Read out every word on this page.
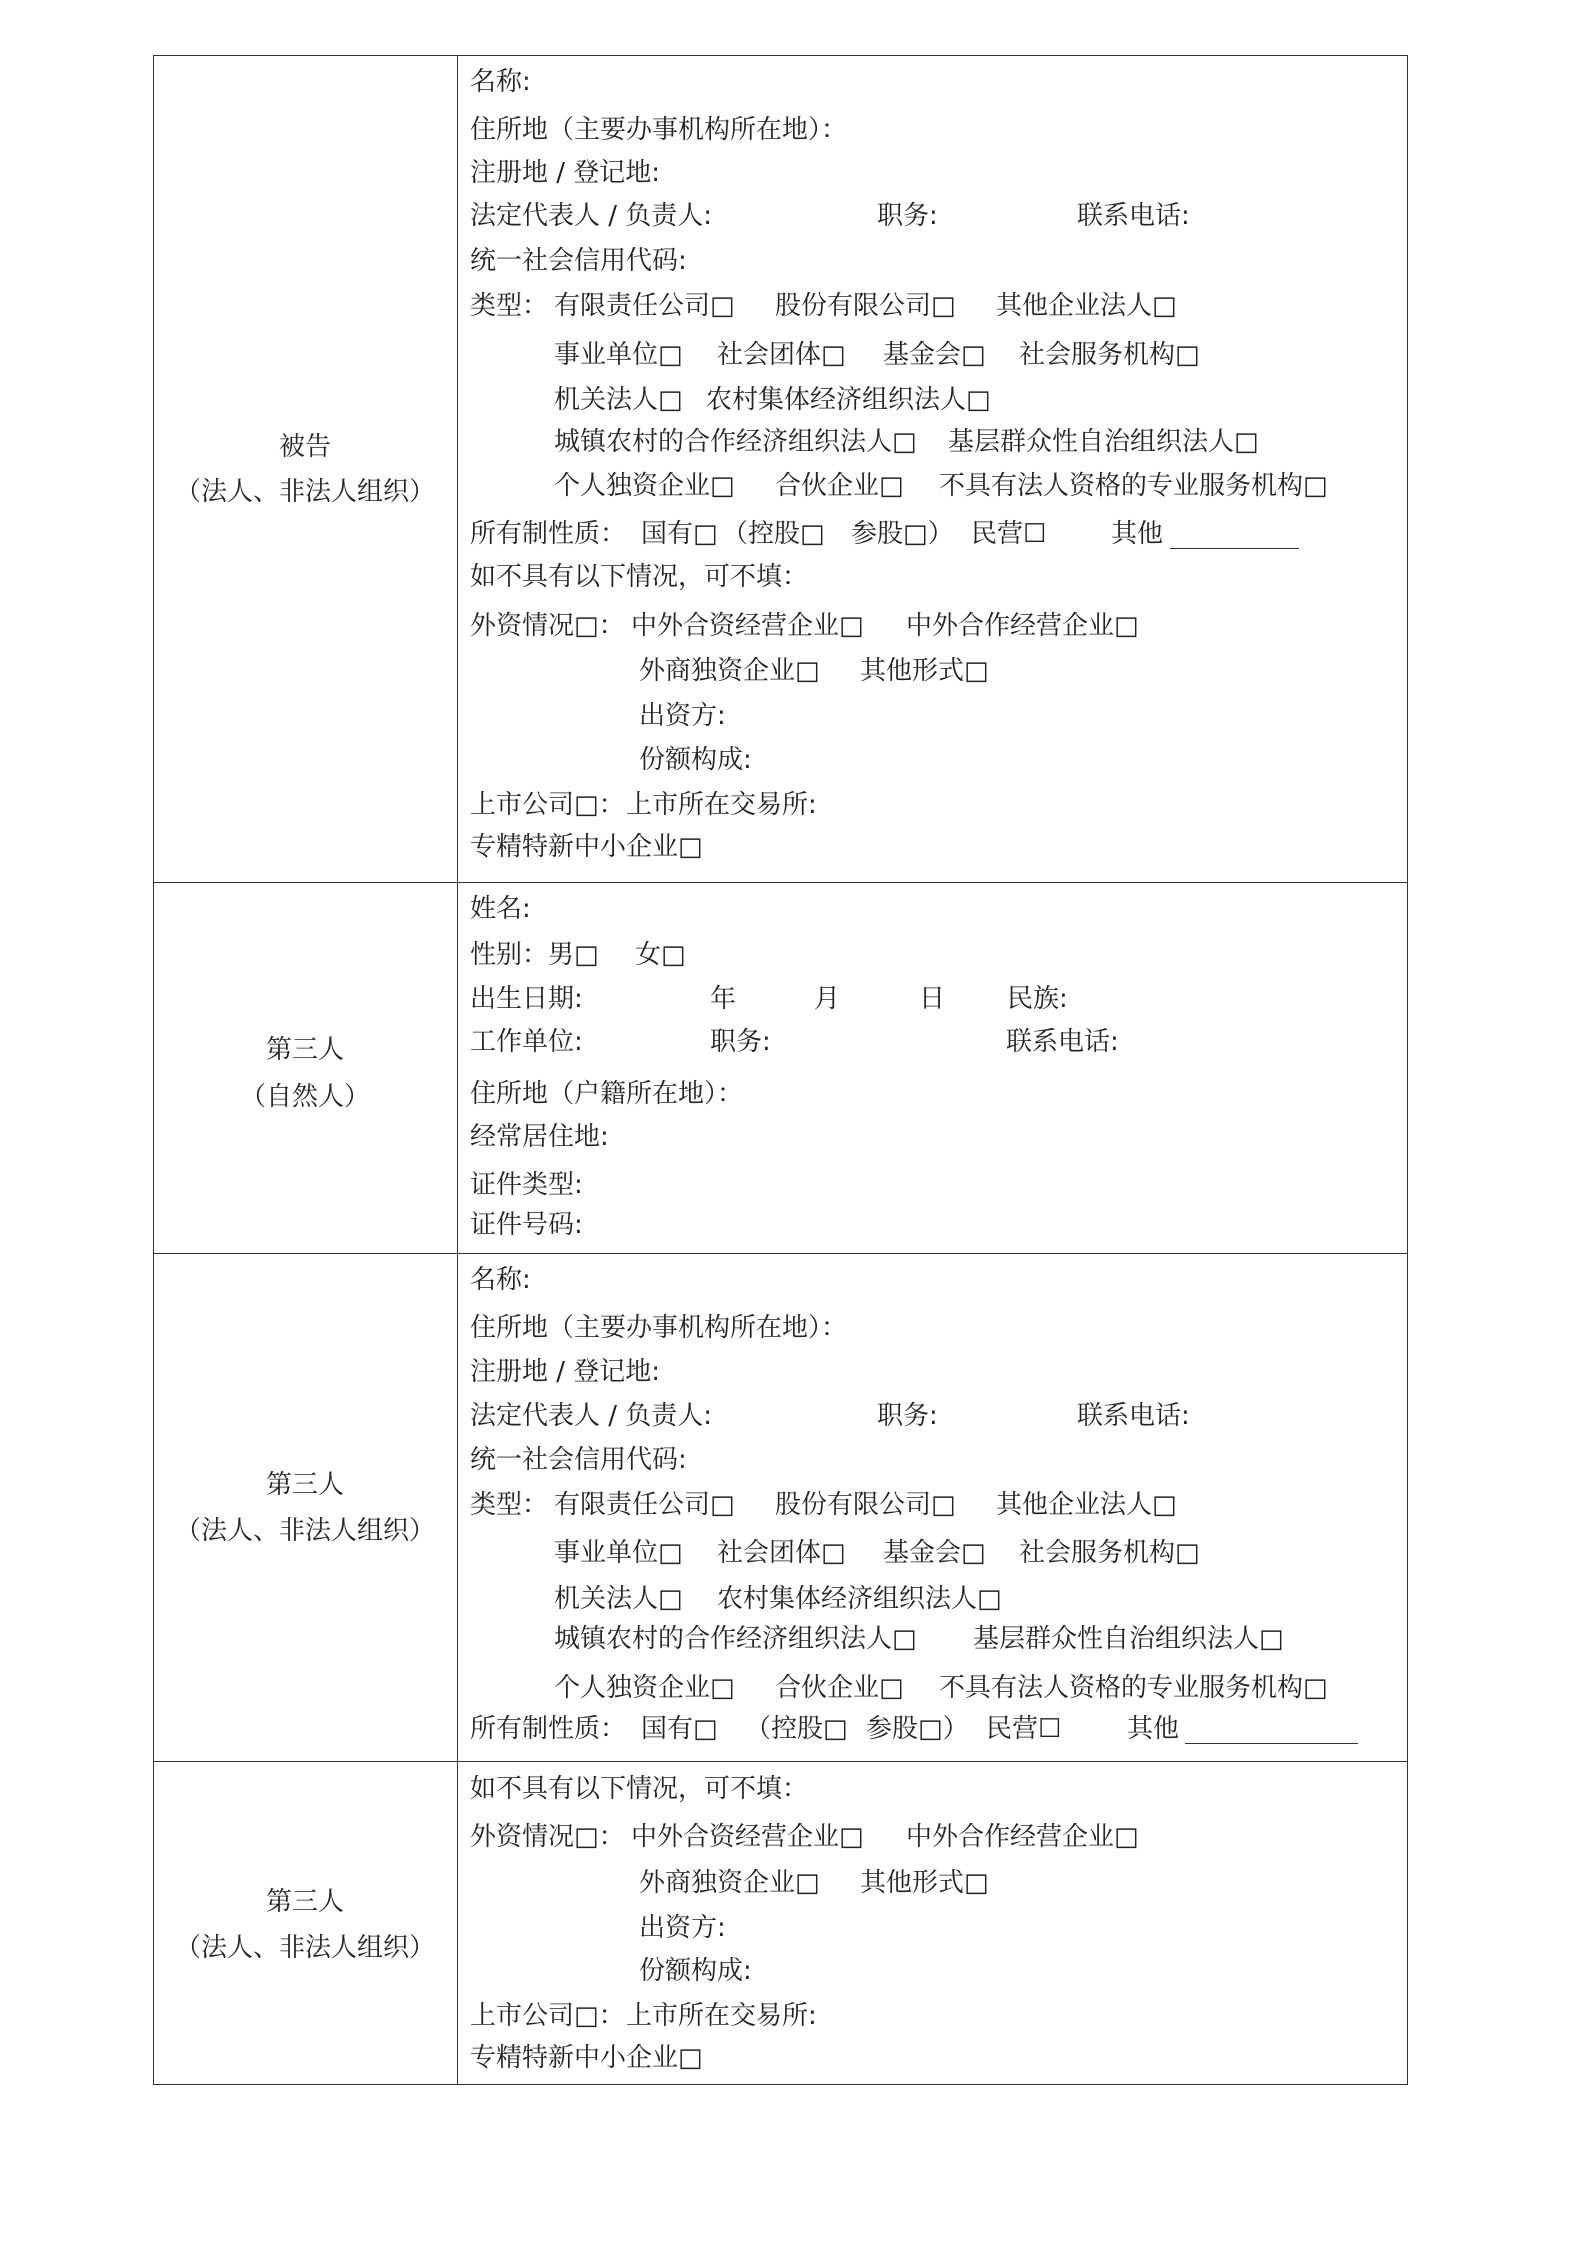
被告
（法人、非法人组织）
名称:
住所地（主要办事机构所在地）：
注册地 / 登记地:
法定代表人 / 负责人:	职务:	联系电话:
统一社会信用代码:
类型： 有限责任公司□ 股份有限公司□ 其他企业法人□
事业单位□ 社会团体□ 基金会□ 社会服务机构□
机关法人□ 农村集体经济组织法人□
城镇农村的合作经济组织法人□ 基层群众性自治组织法人□
个人独资企业□ 合伙企业□ 不具有法人资格的专业服务机构□
所有制性质： 国有□ （控股□ 参股□） 民营☐ 其他
如不具有以下情况，可不填：
外资情况□： 中外合资经营企业□ 中外合作经营企业□
外商独资企业□ 其他形式□
出资方:
份额构成:
上市公司□： 上市所在交易所:
专精特新中小企业□
第三人
（自然人）
姓名:
性别：男□ 女□
出生日期:	年	月	日 民族:
工作单位:	职务:	联系电话:
住所地（户籍所在地）：
经常居住地:
证件类型:
证件号码:
第三人
（法人、非法人组织）
名称:
住所地（主要办事机构所在地）：
注册地 / 登记地:
法定代表人 / 负责人:	职务:	联系电话:
统一社会信用代码:
类型： 有限责任公司□ 股份有限公司□ 其他企业法人□
事业单位□ 社会团体□ 基金会□ 社会服务机构□
机关法人□ 农村集体经济组织法人□
城镇农村的合作经济组织法人□ 基层群众性自治组织法人□
个人独资企业□ 合伙企业□ 不具有法人资格的专业服务机构□
所有制性质： 国有□ （控股□ 参股□） 民营☐	其他
第三人
（法人、非法人组织）
如不具有以下情况，可不填：
外资情况□： 中外合资经营企业□ 中外合作经营企业□
外商独资企业□ 其他形式□
出资方:
份额构成:
上市公司□： 上市所在交易所:
专精特新中小企业□
